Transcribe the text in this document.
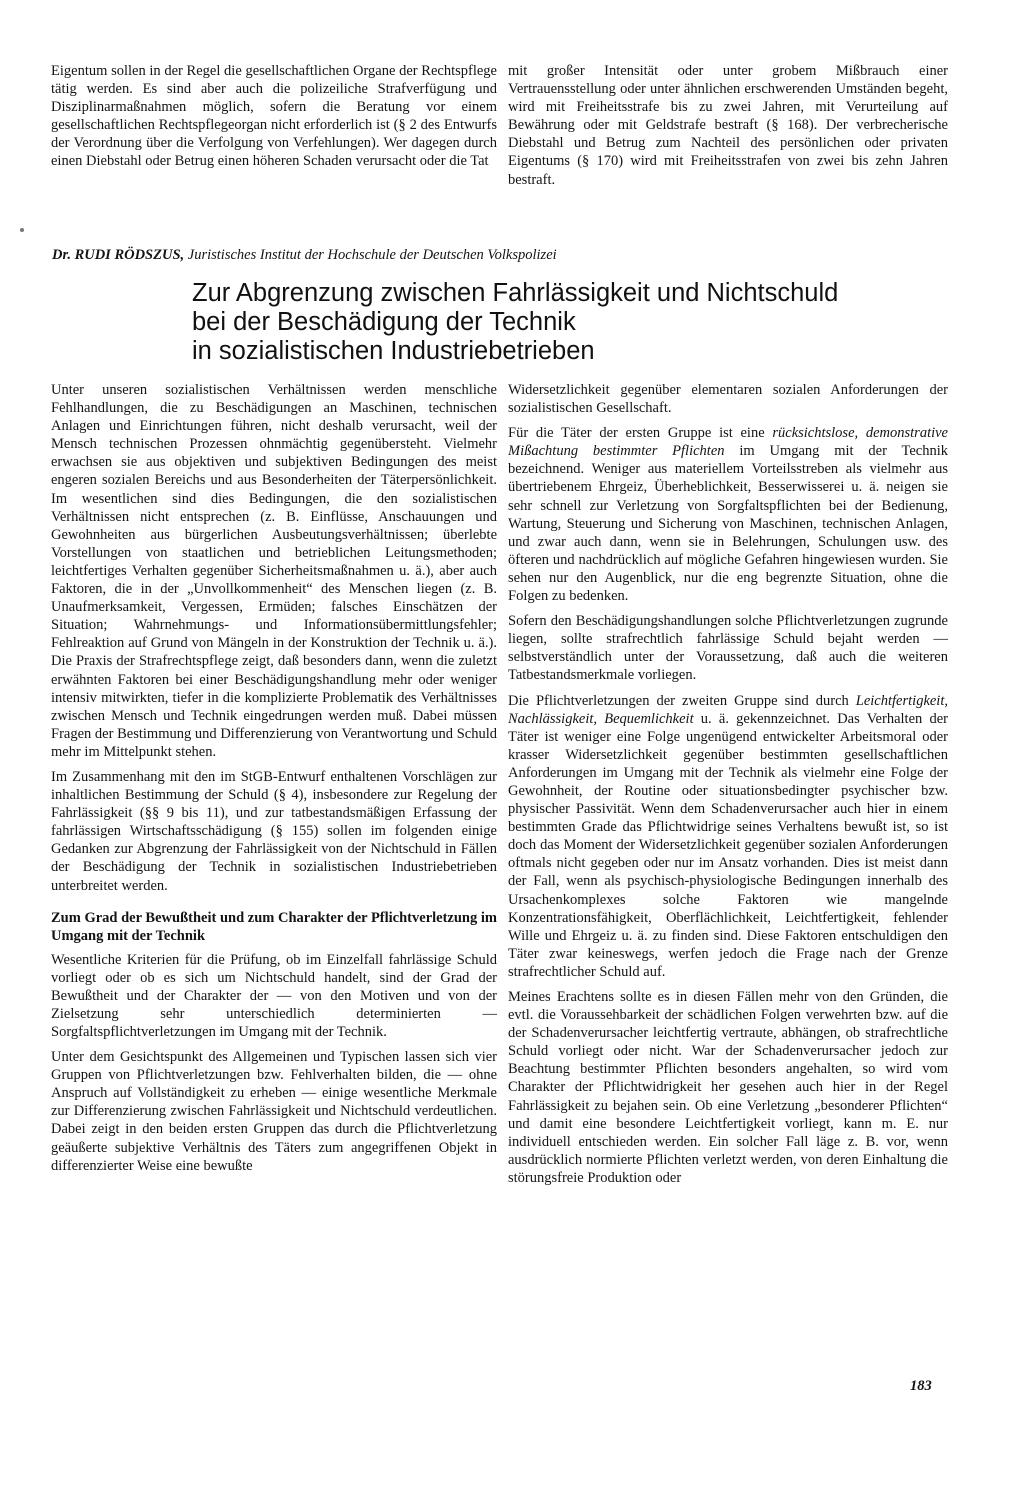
Eigentum sollen in der Regel die gesellschaftlichen Organe der Rechtspflege tätig werden. Es sind aber auch die polizeiliche Strafverfügung und Disziplinarmaßnahmen möglich, sofern die Beratung vor einem gesellschaftlichen Rechtspflegeorgan nicht erforderlich ist (§ 2 des Entwurfs der Verordnung über die Verfolgung von Verfehlungen). Wer dagegen durch einen Diebstahl oder Betrug einen höheren Schaden verursacht oder die Tat

mit großer Intensität oder unter grobem Mißbrauch einer Vertrauensstellung oder unter ähnlichen erschwerenden Umständen begeht, wird mit Freiheitsstrafe bis zu zwei Jahren, mit Verurteilung auf Bewährung oder mit Geldstrafe bestraft (§ 168). Der verbrecherische Diebstahl und Betrug zum Nachteil des persönlichen oder privaten Eigentums (§ 170) wird mit Freiheitsstrafen von zwei bis zehn Jahren bestraft.

Dr. RUDI RÖDSZUS, Juristisches Institut der Hochschule der Deutschen Volkspolizei
Zur Abgrenzung zwischen Fahrlässigkeit und Nichtschuld
bei der Beschädigung der Technik
in sozialistischen Industriebetrieben

Unter unseren sozialistischen Verhältnissen werden menschliche Fehlhandlungen, die zu Beschädigungen an Maschinen, technischen Anlagen und Einrichtungen führen, nicht deshalb verursacht, weil der Mensch technischen Prozessen ohnmächtig gegenübersteht. Vielmehr erwachsen sie aus objektiven und subjektiven Bedingungen des meist engeren sozialen Bereichs und aus Besonderheiten der Täterpersönlichkeit. Im wesentlichen sind dies Bedingungen, die den sozialistischen Verhältnissen nicht entsprechen (z. B. Einflüsse, Anschauungen und Gewohnheiten aus bürgerlichen Ausbeutungsverhältnissen; überlebte Vorstellungen von staatlichen und betrieblichen Leitungsmethoden; leichtfertiges Verhalten gegenüber Sicherheitsmaßnahmen u. ä.), aber auch Faktoren, die in der „Unvollkommenheit“ des Menschen liegen (z. B. Unaufmerksamkeit, Vergessen, Ermüden; falsches Einschätzen der Situation; Wahrnehmungs- und Informationsübermittlungsfehler; Fehlreaktion auf Grund von Mängeln in der Konstruktion der Technik u. ä.). Die Praxis der Strafrechtspflege zeigt, daß besonders dann, wenn die zuletzt erwähnten Faktoren bei einer Beschädigungshandlung mehr oder weniger intensiv mitwirkten, tiefer in die komplizierte Problematik des Verhältnisses zwischen Mensch und Technik eingedrungen werden muß. Dabei müssen Fragen der Bestimmung und Differenzierung von Verantwortung und Schuld mehr im Mittelpunkt stehen.

Im Zusammenhang mit den im StGB-Entwurf enthaltenen Vorschlägen zur inhaltlichen Bestimmung der Schuld (§ 4), insbesondere zur Regelung der Fahrlässigkeit (§§ 9 bis 11), und zur tatbestandsmäßigen Erfassung der fahrlässigen Wirtschaftsschädigung (§ 155) sollen im folgenden einige Gedanken zur Abgrenzung der Fahrlässigkeit von der Nichtschuld in Fällen der Beschädigung der Technik in sozialistischen Industriebetrieben unterbreitet werden.

Zum Grad der Bewußtheit und zum Charakter der Pflichtverletzung im Umgang mit der Technik

Wesentliche Kriterien für die Prüfung, ob im Einzelfall fahrlässige Schuld vorliegt oder ob es sich um Nichtschuld handelt, sind der Grad der Bewußtheit und der Charakter der — von den Motiven und von der Zielsetzung sehr unterschiedlich determinierten — Sorgfaltspflichtverletzungen im Umgang mit der Technik.

Unter dem Gesichtspunkt des Allgemeinen und Typischen lassen sich vier Gruppen von Pflichtverletzungen bzw. Fehlverhalten bilden, die — ohne Anspruch auf Vollständigkeit zu erheben — einige wesentliche Merkmale zur Differenzierung zwischen Fahrlässigkeit und Nichtschuld verdeutlichen. Dabei zeigt in den beiden ersten Gruppen das durch die Pflichtverletzung geäußerte subjektive Verhältnis des Täters zum angegriffenen Objekt in differenzierter Weise eine bewußte

Widersetzlichkeit gegenüber elementaren sozialen Anforderungen der sozialistischen Gesellschaft.

Für die Täter der ersten Gruppe ist eine rücksichtslose, demonstrative Mißachtung bestimmter Pflichten im Umgang mit der Technik bezeichnend. Weniger aus materiellem Vorteilsstreben als vielmehr aus übertriebenem Ehrgeiz, Überheblichkeit, Besserwisserei u. ä. neigen sie sehr schnell zur Verletzung von Sorgfaltspflichten bei der Bedienung, Wartung, Steuerung und Sicherung von Maschinen, technischen Anlagen, und zwar auch dann, wenn sie in Belehrungen, Schulungen usw. des öfteren und nachdrücklich auf mögliche Gefahren hingewiesen wurden. Sie sehen nur den Augenblick, nur die eng begrenzte Situation, ohne die Folgen zu bedenken.

Sofern den Beschädigungshandlungen solche Pflichtverletzungen zugrunde liegen, sollte strafrechtlich fahrlässige Schuld bejaht werden — selbstverständlich unter der Voraussetzung, daß auch die weiteren Tatbestandsmerkmale vorliegen.

Die Pflichtverletzungen der zweiten Gruppe sind durch Leichtfertigkeit, Nachlässigkeit, Bequemlichkeit u. ä. gekennzeichnet. Das Verhalten der Täter ist weniger eine Folge ungenügend entwickelter Arbeitsmoral oder krasser Widersetzlichkeit gegenüber bestimmten gesellschaftlichen Anforderungen im Umgang mit der Technik als vielmehr eine Folge der Gewohnheit, der Routine oder situationsbedingter psychischer bzw. physischer Passivität. Wenn dem Schadenverursacher auch hier in einem bestimmten Grade das Pflichtwidrige seines Verhaltens bewußt ist, so ist doch das Moment der Widersetzlichkeit gegenüber sozialen Anforderungen oftmals nicht gegeben oder nur im Ansatz vorhanden. Dies ist meist dann der Fall, wenn als psychisch-physiologische Bedingungen innerhalb des Ursachenkomplexes solche Faktoren wie mangelnde Konzentrationsfähigkeit, Oberflächlichkeit, Leichtfertigkeit, fehlender Wille und Ehrgeiz u. ä. zu finden sind. Diese Faktoren entschuldigen den Täter zwar keineswegs, werfen jedoch die Frage nach der Grenze strafrechtlicher Schuld auf.

Meines Erachtens sollte es in diesen Fällen mehr von den Gründen, die evtl. die Voraussehbarkeit der schädlichen Folgen verwehrten bzw. auf die der Schadenverursacher leichtfertig vertraute, abhängen, ob strafrechtliche Schuld vorliegt oder nicht. War der Schadenverursacher jedoch zur Beachtung bestimmter Pflichten besonders angehalten, so wird vom Charakter der Pflichtwidrigkeit her gesehen auch hier in der Regel Fahrlässigkeit zu bejahen sein. Ob eine Verletzung „besonderer Pflichten“ und damit eine besondere Leichtfertigkeit vorliegt, kann m. E. nur individuell entschieden werden. Ein solcher Fall läge z. B. vor, wenn ausdrücklich normierte Pflichten verletzt werden, von deren Einhaltung die störungsfreie Produktion oder

183
